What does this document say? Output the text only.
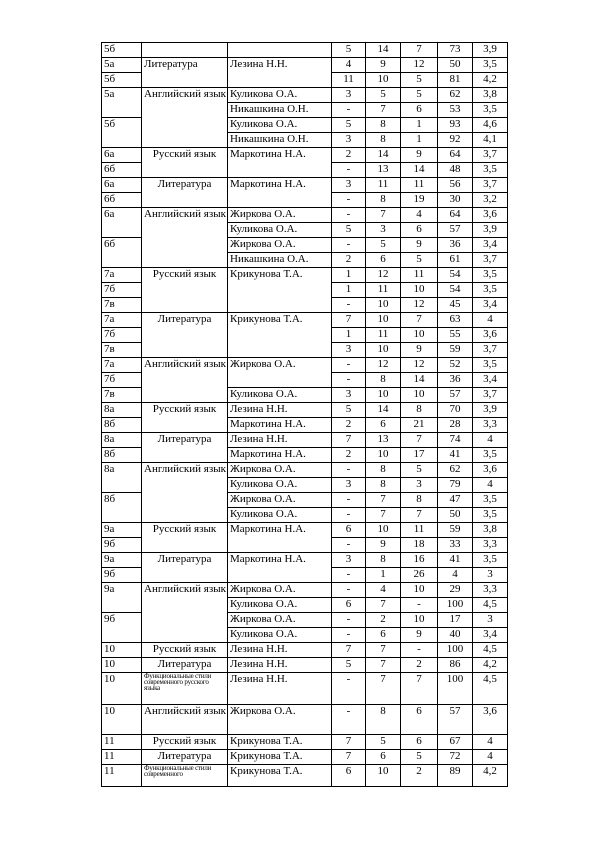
5б			5	14	7	73	3,9
5а	Литература	Лезина Н.Н.	4	9	12	50	3,5
5б			11	10	5	81	4,2
5а	Английский язык	Куликова О.А.	3	5	5	62	3,8
		Никашкина О.Н.	-	7	6	53	3,5
5б		Куликова О.А.	5	8	1	93	4,6
		Никашкина О.Н.	3	8	1	92	4,1
6а	Русский язык	Маркотина Н.А.	2	14	9	64	3,7
6б			-	13	14	48	3,5
6а	Литература	Маркотина Н.А.	3	11	11	56	3,7
6б			-	8	19	30	3,2
6а	Английский язык	Жиркова О.А.	-	7	4	64	3,6
		Куликова О.А.	5	3	6	57	3,9
6б		Жиркова О.А.	-	5	9	36	3,4
		Никашкина О.А.	2	6	5	61	3,7
7а	Русский язык	Крикунова Т.А.	1	12	11	54	3,5
7б			1	11	10	54	3,5
7в			-	10	12	45	3,4
7а	Литература	Крикунова Т.А.	7	10	7	63	4
7б			1	11	10	55	3,6
7в			3	10	9	59	3,7
7а	Английский язык	Жиркова О.А.	-	12	12	52	3,5
7б			-	8	14	36	3,4
7в		Куликова О.А.	3	10	10	57	3,7
8а	Русский язык	Лезина Н.Н.	5	14	8	70	3,9
8б		Маркотина Н.А.	2	6	21	28	3,3
8а	Литература	Лезина Н.Н.	7	13	7	74	4
8б		Маркотина Н.А.	2	10	17	41	3,5
8а	Английский язык	Жиркова О.А.	-	8	5	62	3,6
		Куликова О.А.	3	8	3	79	4
8б		Жиркова О.А.	-	7	8	47	3,5
		Куликова О.А.	-	7	7	50	3,5
9а	Русский язык	Маркотина Н.А.	6	10	11	59	3,8
9б			-	9	18	33	3,3
9а	Литература	Маркотина Н.А.	3	8	16	41	3,5
9б			-	1	26	4	3
9а	Английский язык	Жиркова О.А.	-	4	10	29	3,3
		Куликова О.А.	6	7	-	100	4,5
9б		Жиркова О.А.	-	2	10	17	3
		Куликова О.А.	-	6	9	40	3,4
10	Русский язык	Лезина Н.Н.	7	7	-	100	4,5
10	Литература	Лезина Н.Н.	5	7	2	86	4,2
10	Функциональные стили современного русского языка	Лезина Н.Н.	-	7	7	100	4,5
10	Английский язык	Жиркова О.А.	-	8	6	57	3,6
11	Русский язык	Крикунова Т.А.	7	5	6	67	4
11	Литература	Крикунова Т.А.	7	6	5	72	4
11	Функциональные стили современного	Крикунова Т.А.	6	10	2	89	4,2
